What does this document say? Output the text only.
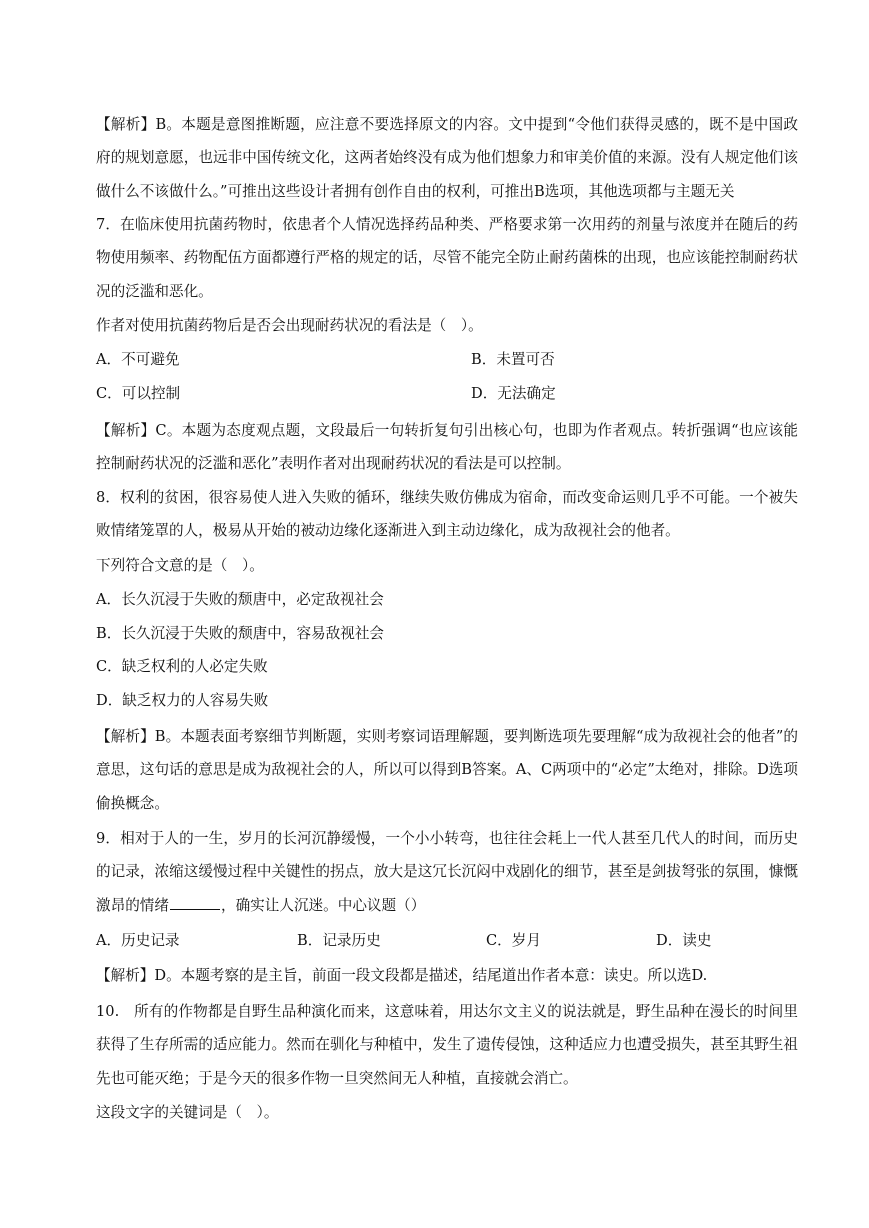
【解析】B。本题是意图推断题，应注意不要选择原文的内容。文中提到“令他们获得灵感的，既不是中国政府的规划意愿，也远非中国传统文化，这两者始终没有成为他们想象力和审美价值的来源。没有人规定他们该做什么不该做什么。”可推出这些设计者拥有创作自由的权利，可推出B选项，其他选项都与主题无关

7．在临床使用抗菌药物时，依患者个人情况选择药品种类、严格要求第一次用药的剂量与浓度并在随后的药物使用频率、药物配伍方面都遵行严格的规定的话，尽管不能完全防止耐药菌株的出现，也应该能控制耐药状况的泛滥和恶化。

作者对使用抗菌药物后是否会出现耐药状况的看法是（　）。

A．不可避免	B．未置可否

C．可以控制	D．无法确定

【解析】C。本题为态度观点题，文段最后一句转折复句引出核心句，也即为作者观点。转折强调“也应该能控制耐药状况的泛滥和恶化”表明作者对出现耐药状况的看法是可以控制。

8．权利的贫困，很容易使人进入失败的循环，继续失败仿佛成为宿命，而改变命运则几乎不可能。一个被失败情绪笼罩的人，极易从开始的被动边缘化逐渐进入到主动边缘化，成为敌视社会的他者。

下列符合文意的是（　）。

A．长久沉浸于失败的颓唐中，必定敌视社会

B．长久沉浸于失败的颓唐中，容易敌视社会

C．缺乏权利的人必定失败

D．缺乏权力的人容易失败

【解析】B。本题表面考察细节判断题，实则考察词语理解题，要判断选项先要理解“成为敌视社会的他者”的意思，这句话的意思是成为敌视社会的人，所以可以得到B答案。A、C两项中的“必定”太绝对，排除。D选项偷换概念。

9．相对于人的一生，岁月的长河沉静缓慢，一个小小转弯，也往往会耗上一代人甚至几代人的时间，而历史的记录，浓缩这缓慢过程中关键性的拐点，放大是这冗长沉闷中戏剧化的细节，甚至是剑拔弩张的氛围，慷慨激昂的情绪	，确实让人沉迷。中心议题（）

A．历史记录	B．记录历史	C．岁月	D．读史

【解析】D。本题考察的是主旨，前面一段文段都是描述，结尾道出作者本意：读史。所以选D.

10.　所有的作物都是自野生品种演化而来，这意味着，用达尔文主义的说法就是，野生品种在漫长的时间里获得了生存所需的适应能力。然而在驯化与种植中，发生了遗传侵蚀，这种适应力也遭受损失，甚至其野生祖先也可能灭绝；于是今天的很多作物一旦突然间无人种植，直接就会消亡。

这段文字的关键词是（　）。
